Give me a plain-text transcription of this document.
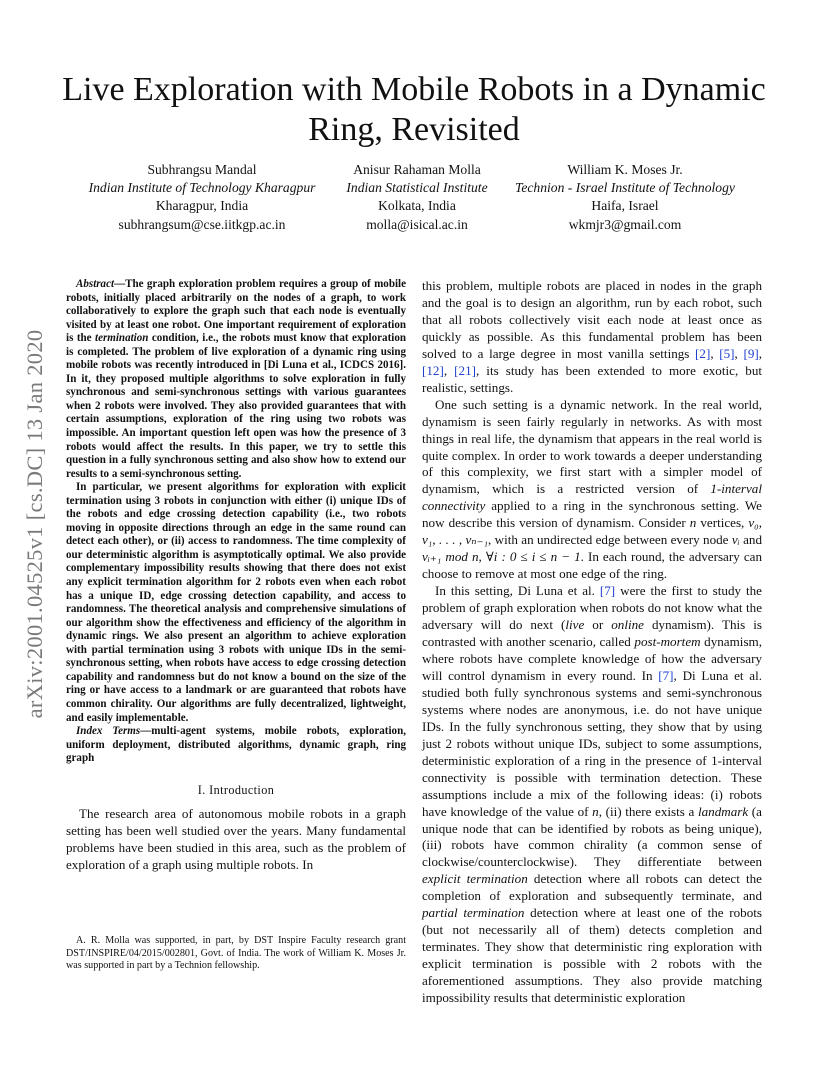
arXiv:2001.04525v1 [cs.DC] 13 Jan 2020
Live Exploration with Mobile Robots in a Dynamic Ring, Revisited
Subhrangsu Mandal
Indian Institute of Technology Kharagpur
Kharagpur, India
subhrangsum@cse.iitkgp.ac.in
Anisur Rahaman Molla
Indian Statistical Institute
Kolkata, India
molla@isical.ac.in
William K. Moses Jr.
Technion - Israel Institute of Technology
Haifa, Israel
wkmjr3@gmail.com

Abstract—The graph exploration problem requires a group of mobile robots, initially placed arbitrarily on the nodes of a graph, to work collaboratively to explore the graph such that each node is eventually visited by at least one robot. One important requirement of exploration is the termination condition, i.e., the robots must know that exploration is completed. The problem of live exploration of a dynamic ring using mobile robots was recently introduced in [Di Luna et al., ICDCS 2016]. In it, they proposed multiple algorithms to solve exploration in fully synchronous and semi-synchronous settings with various guarantees when 2 robots were involved. They also provided guarantees that with certain assumptions, exploration of the ring using two robots was impossible. An important question left open was how the presence of 3 robots would affect the results. In this paper, we try to settle this question in a fully synchronous setting and also show how to extend our results to a semi-synchronous setting.

In particular, we present algorithms for exploration with explicit termination using 3 robots in conjunction with either (i) unique IDs of the robots and edge crossing detection capability (i.e., two robots moving in opposite directions through an edge in the same round can detect each other), or (ii) access to randomness. The time complexity of our deterministic algorithm is asymptotically optimal. We also provide complementary impossibility results showing that there does not exist any explicit termination algorithm for 2 robots even when each robot has a unique ID, edge crossing detection capability, and access to randomness. The theoretical analysis and comprehensive simulations of our algorithm show the effectiveness and efficiency of the algorithm in dynamic rings. We also present an algorithm to achieve exploration with partial termination using 3 robots with unique IDs in the semi-synchronous setting, when robots have access to edge crossing detection capability and randomness but do not know a bound on the size of the ring or have access to a landmark or are guaranteed that robots have common chirality. Our algorithms are fully decentralized, lightweight, and easily implementable.

Index Terms—multi-agent systems, mobile robots, exploration, uniform deployment, distributed algorithms, dynamic graph, ring graph

I. Introduction

The research area of autonomous mobile robots in a graph setting has been well studied over the years. Many fundamental problems have been studied in this area, such as the problem of exploration of a graph using multiple robots. In

A. R. Molla was supported, in part, by DST Inspire Faculty research grant DST/INSPIRE/04/2015/002801, Govt. of India. The work of William K. Moses Jr. was supported in part by a Technion fellowship.

this problem, multiple robots are placed in nodes in the graph and the goal is to design an algorithm, run by each robot, such that all robots collectively visit each node at least once as quickly as possible. As this fundamental problem has been solved to a large degree in most vanilla settings [2], [5], [9], [12], [21], its study has been extended to more exotic, but realistic, settings.

One such setting is a dynamic network. In the real world, dynamism is seen fairly regularly in networks. As with most things in real life, the dynamism that appears in the real world is quite complex. In order to work towards a deeper understanding of this complexity, we first start with a simpler model of dynamism, which is a restricted version of 1-interval connectivity applied to a ring in the synchronous setting. We now describe this version of dynamism. Consider n vertices, v₀, v₁, . . . , vₙ₋₁, with an undirected edge between every node vᵢ and vᵢ₊₁ mod n, ∀i : 0 ≤ i ≤ n − 1. In each round, the adversary can choose to remove at most one edge of the ring.

In this setting, Di Luna et al. [7] were the first to study the problem of graph exploration when robots do not know what the adversary will do next (live or online dynamism). This is contrasted with another scenario, called post-mortem dynamism, where robots have complete knowledge of how the adversary will control dynamism in every round. In [7], Di Luna et al. studied both fully synchronous systems and semi-synchronous systems where nodes are anonymous, i.e. do not have unique IDs. In the fully synchronous setting, they show that by using just 2 robots without unique IDs, subject to some assumptions, deterministic exploration of a ring in the presence of 1-interval connectivity is possible with termination detection. These assumptions include a mix of the following ideas: (i) robots have knowledge of the value of n, (ii) there exists a landmark (a unique node that can be identified by robots as being unique), (iii) robots have common chirality (a common sense of clockwise/counterclockwise). They differentiate between explicit termination detection where all robots can detect the completion of exploration and subsequently terminate, and partial termination detection where at least one of the robots (but not necessarily all of them) detects completion and terminates. They show that deterministic ring exploration with explicit termination is possible with 2 robots with the aforementioned assumptions. They also provide matching impossibility results that deterministic exploration
